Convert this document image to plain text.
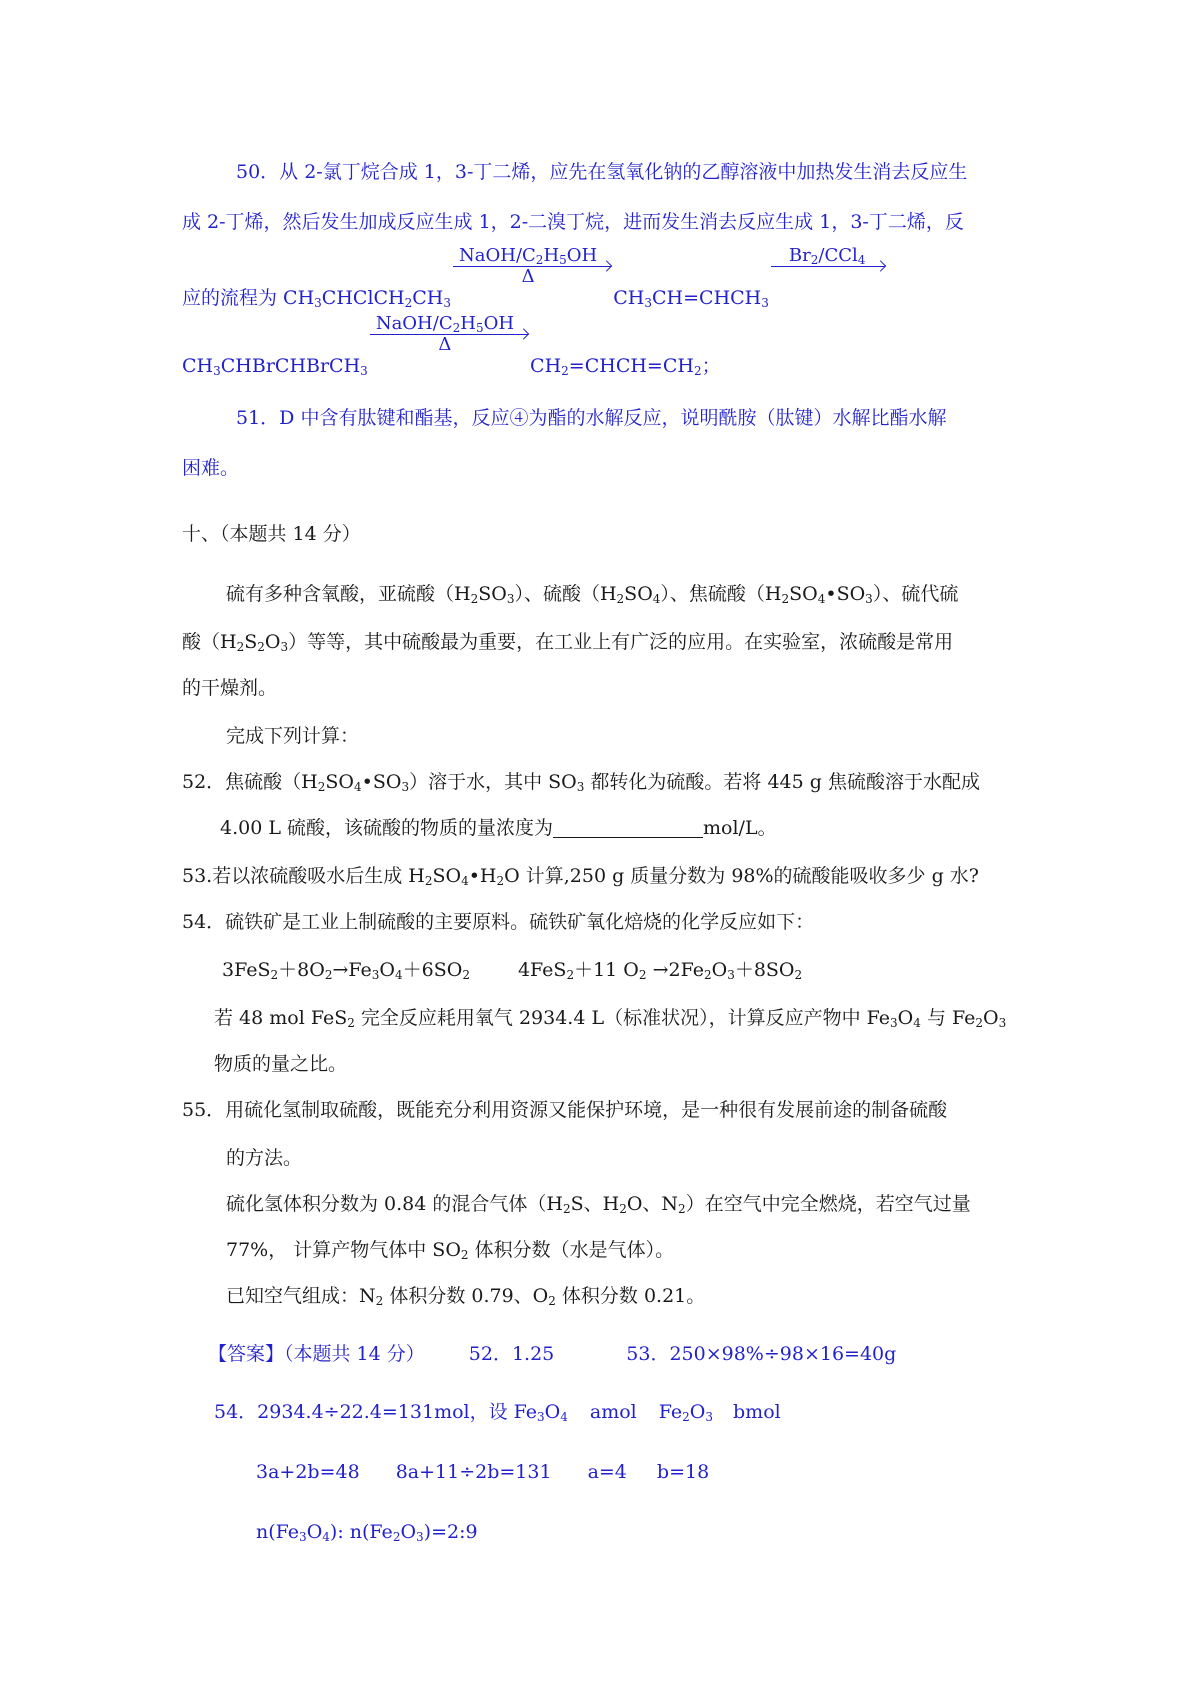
50．从 2-氯丁烷合成 1，3-丁二烯，应先在氢氧化钠的乙醇溶液中加热发生消去反应生
成 2-丁烯，然后发生加成反应生成 1，2-二溴丁烷，进而发生消去反应生成 1，3-丁二烯，反
应的流程为 $CH_3CHClCH_2CH_3$
NaOH/$C_2H_5OH$
Δ
$CH_3CH=CHCH_3$
$Br_2/CCl_4$

$CH_3CHBrCHBrCH_3$
NaOH/$C_2H_5OH$
Δ
$CH_2=CHCH=CH_2$；
51．D 中含有肽键和酯基，反应④为酯的水解反应，说明酰胺（肽键）水解比酯水解
困难。
十、（本题共 14 分）
硫有多种含氧酸，亚硫酸$(H_2SO_3)$、硫酸$(H_2SO_4)$、焦硫酸$(H_2SO_4•SO_3)$、硫代硫
酸$(H_2S_2O_3)$等等，其中硫酸最为重要，在工业上有广泛的应用。在实验室，浓硫酸是常用
的干燥剂。
完成下列计算：
52．焦硫酸$(H_2SO_4•SO_3)$溶于水，其中 $SO_3$ 都转化为硫酸。若将 445 g 焦硫酸溶于水配成
4.00 L 硫酸，该硫酸的物质的量浓度为	mol/L。
53.若以浓硫酸吸水后生成 $H_2SO_4•H_2O$ 计算,250 g 质量分数为 98%的硫酸能吸收多少 g 水?
54．硫铁矿是工业上制硫酸的主要原料。硫铁矿氧化焙烧的化学反应如下：
$3FeS_2+8O_2\to Fe_3O_4+6SO_2$	4FeS$_2$＋11 $O_2 \to 2Fe_2O_3+8SO_2$
若 48 mol FeS$_2$ 完全反应耗用氧气 2934.4 L（标准状况），计算反应产物中 $Fe_3O_4$ 与 $Fe_2O_3$
物质的量之比。
55．用硫化氢制取硫酸，既能充分利用资源又能保护环境，是一种很有发展前途的制备硫酸
的方法。
硫化氢体积分数为 0.84 的混合气体（$H_2S$、$H_2O$、$N_2$）在空气中完全燃烧，若空气过量
77%， 计算产物气体中 $SO_2$ 体积分数（水是气体）。
已知空气组成：$N_2$ 体积分数 0.79、$O_2$ 体积分数 0.21。
【答案】（本题共 14 分） 52．1.25	53．250×98%÷98×16=40g
54．2934.4÷22.4=131mol，设 $Fe_3O_4$ amol $Fe_2O_3$ bmol
3a+2b=48 8a+11÷2b=131 a=4 b=18
$n(Fe_3O_4)$: $n(Fe_2O_3)=2:9$
